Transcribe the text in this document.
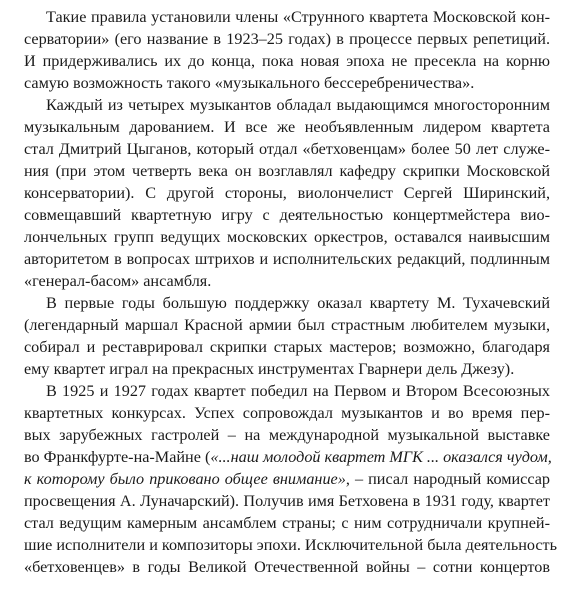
Такие правила установили члены «Струнного квартета Московской кон-
серватории» (его название в 1923–25 годах) в процессе первых репетиций.
И придерживались их до конца, пока новая эпоха не пресекла на корню
самую возможность такого «музыкального бессеребреничества».
Каждый из четырех музыкантов обладал выдающимся многосторонним
музыкальным дарованием. И все же необъявленным лидером квартета
стал Дмитрий Цыганов, который отдал «бетховенцам» более 50 лет служе-
ния (при этом четверть века он возглавлял кафедру скрипки Московской
консерватории). С другой стороны, виолончелист Сергей Ширинский,
совмещавший квартетную игру с деятельностью концертмейстера вио-
лончельных групп ведущих московских оркестров, оставался наивысшим
авторитетом в вопросах штрихов и исполнительских редакций, подлинным
«генерал-басом» ансамбля.
В первые годы большую поддержку оказал квартету М. Тухачевский
(легендарный маршал Красной армии был страстным любителем музыки,
собирал и реставрировал скрипки старых мастеров; возможно, благодаря
ему квартет играл на прекрасных инструментах Гварнери дель Джезу).
В 1925 и 1927 годах квартет победил на Первом и Втором Всесоюзных
квартетных конкурсах. Успех сопровождал музыкантов и во время пер-
вых зарубежных гастролей – на международной музыкальной выставке
во Франкфурте-на-Майне («...наш молодой квартет МГК ... оказался чудом,
к которому было приковано общее внимание», – писал народный комиссар
просвещения А. Луначарский). Получив имя Бетховена в 1931 году, квартет
стал ведущим камерным ансамблем страны; с ним сотрудничали крупней-
шие исполнители и композиторы эпохи. Исключительной была деятельность
«бетховенцев» в годы Великой Отечественной войны – сотни концертов
